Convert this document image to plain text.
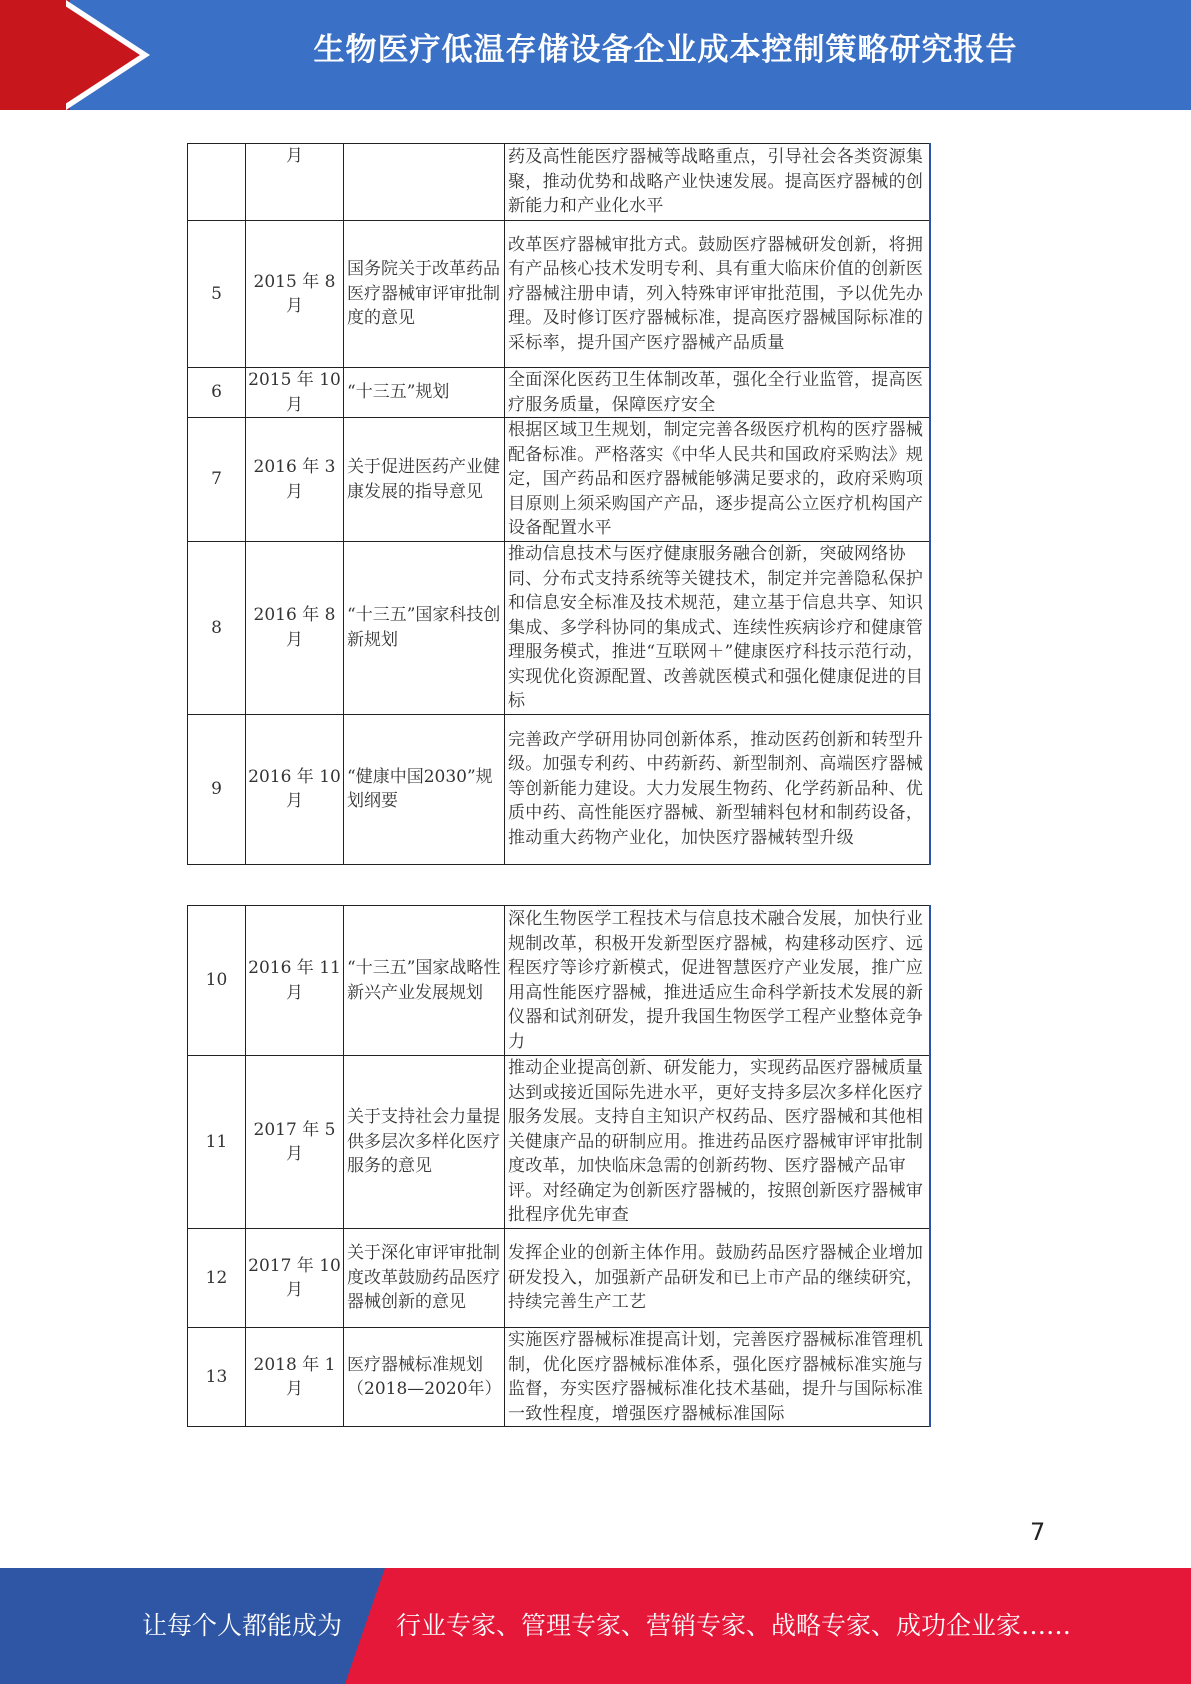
生物医疗低温存储设备企业成本控制策略研究报告
	月		药及高性能医疗器械等战略重点，引导社会各类资源集聚，推动优势和战略产业快速发展。提高医疗器械的创新能力和产业化水平
5	2015 年 8 月	国务院关于改革药品医疗器械审评审批制度的意见	改革医疗器械审批方式。鼓励医疗器械研发创新，将拥有产品核心技术发明专利、具有重大临床价值的创新医疗器械注册申请，列入特殊审评审批范围，予以优先办理。及时修订医疗器械标准，提高医疗器械国际标准的采标率，提升国产医疗器械产品质量
6	2015 年 10 月	“十三五”规划	全面深化医药卫生体制改革，强化全行业监管，提高医疗服务质量，保障医疗安全
7	2016 年 3 月	关于促进医药产业健康发展的指导意见	根据区域卫生规划，制定完善各级医疗机构的医疗器械配备标准。严格落实《中华人民共和国政府采购法》规定，国产药品和医疗器械能够满足要求的，政府采购项目原则上须采购国产产品，逐步提高公立医疗机构国产设备配置水平
8	2016 年 8 月	“十三五”国家科技创新规划	推动信息技术与医疗健康服务融合创新，突破网络协同、分布式支持系统等关键技术，制定并完善隐私保护和信息安全标准及技术规范，建立基于信息共享、知识集成、多学科协同的集成式、连续性疾病诊疗和健康管理服务模式，推进“互联网＋”健康医疗科技示范行动，实现优化资源配置、改善就医模式和强化健康促进的目标
9	2016 年 10 月	“健康中国2030”规划纲要	完善政产学研用协同创新体系，推动医药创新和转型升级。加强专利药、中药新药、新型制剂、高端医疗器械等创新能力建设。大力发展生物药、化学药新品种、优质中药、高性能医疗器械、新型辅料包材和制药设备，推动重大药物产业化，加快医疗器械转型升级
10	2016 年 11 月	“十三五”国家战略性新兴产业发展规划	深化生物医学工程技术与信息技术融合发展，加快行业规制改革，积极开发新型医疗器械，构建移动医疗、远程医疗等诊疗新模式，促进智慧医疗产业发展，推广应用高性能医疗器械，推进适应生命科学新技术发展的新仪器和试剂研发，提升我国生物医学工程产业整体竞争力
11	2017 年 5 月	关于支持社会力量提供多层次多样化医疗服务的意见	推动企业提高创新、研发能力，实现药品医疗器械质量达到或接近国际先进水平，更好支持多层次多样化医疗服务发展。支持自主知识产权药品、医疗器械和其他相关健康产品的研制应用。推进药品医疗器械审评审批制度改革，加快临床急需的创新药物、医疗器械产品审评。对经确定为创新医疗器械的，按照创新医疗器械审批程序优先审查
12	2017 年 10 月	关于深化审评审批制度改革鼓励药品医疗器械创新的意见	发挥企业的创新主体作用。鼓励药品医疗器械企业增加研发投入，加强新产品研发和已上市产品的继续研究，持续完善生产工艺
13	2018 年 1 月	医疗器械标准规划（2018—2020年）	实施医疗器械标准提高计划，完善医疗器械标准管理机制，优化医疗器械标准体系，强化医疗器械标准实施与监督，夯实医疗器械标准化技术基础，提升与国际标准一致性程度，增强医疗器械标准国际
7
让每个人都能成为 行业专家、管理专家、营销专家、战略专家、成功企业家……
